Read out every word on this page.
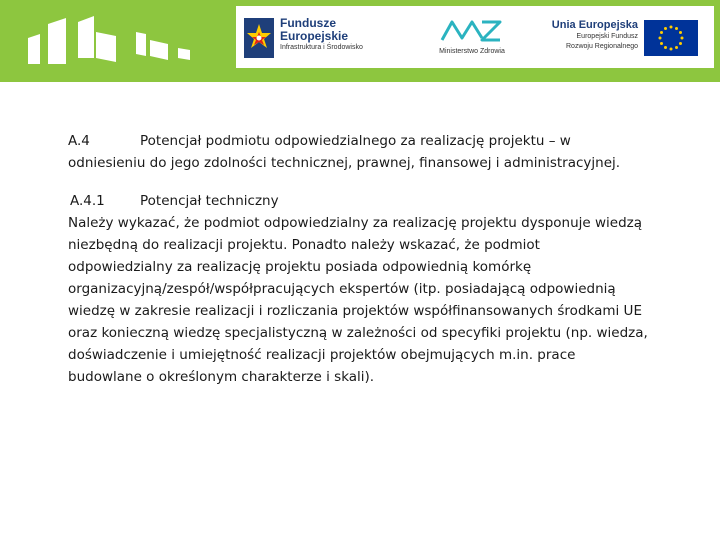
Fundusze
Europejskie
Infrastruktura i Środowisko
Ministerstwo Zdrowia
Unia Europejska
Europejski Fundusz
Rozwoju Regionalnego
A.4	Potencjał podmiotu odpowiedzialnego za realizację projektu – w odniesieniu do jego zdolności technicznej, prawnej, finansowej i administracyjnej.
A.4.1	Potencjał techniczny
Należy wykazać, że podmiot odpowiedzialny za realizację projektu dysponuje wiedzą niezbędną do realizacji projektu. Ponadto należy wskazać, że podmiot odpowiedzialny za realizację projektu posiada odpowiednią komórkę organizacyjną/zespół/współpracujących ekspertów (itp. posiadającą odpowiednią wiedzę w zakresie realizacji i rozliczania projektów współfinansowanych środkami UE oraz konieczną wiedzę specjalistyczną w zależności od specyfiki projektu (np. wiedza, doświadczenie i umiejętność realizacji projektów obejmujących m.in. prace budowlane o określonym charakterze i skali).
